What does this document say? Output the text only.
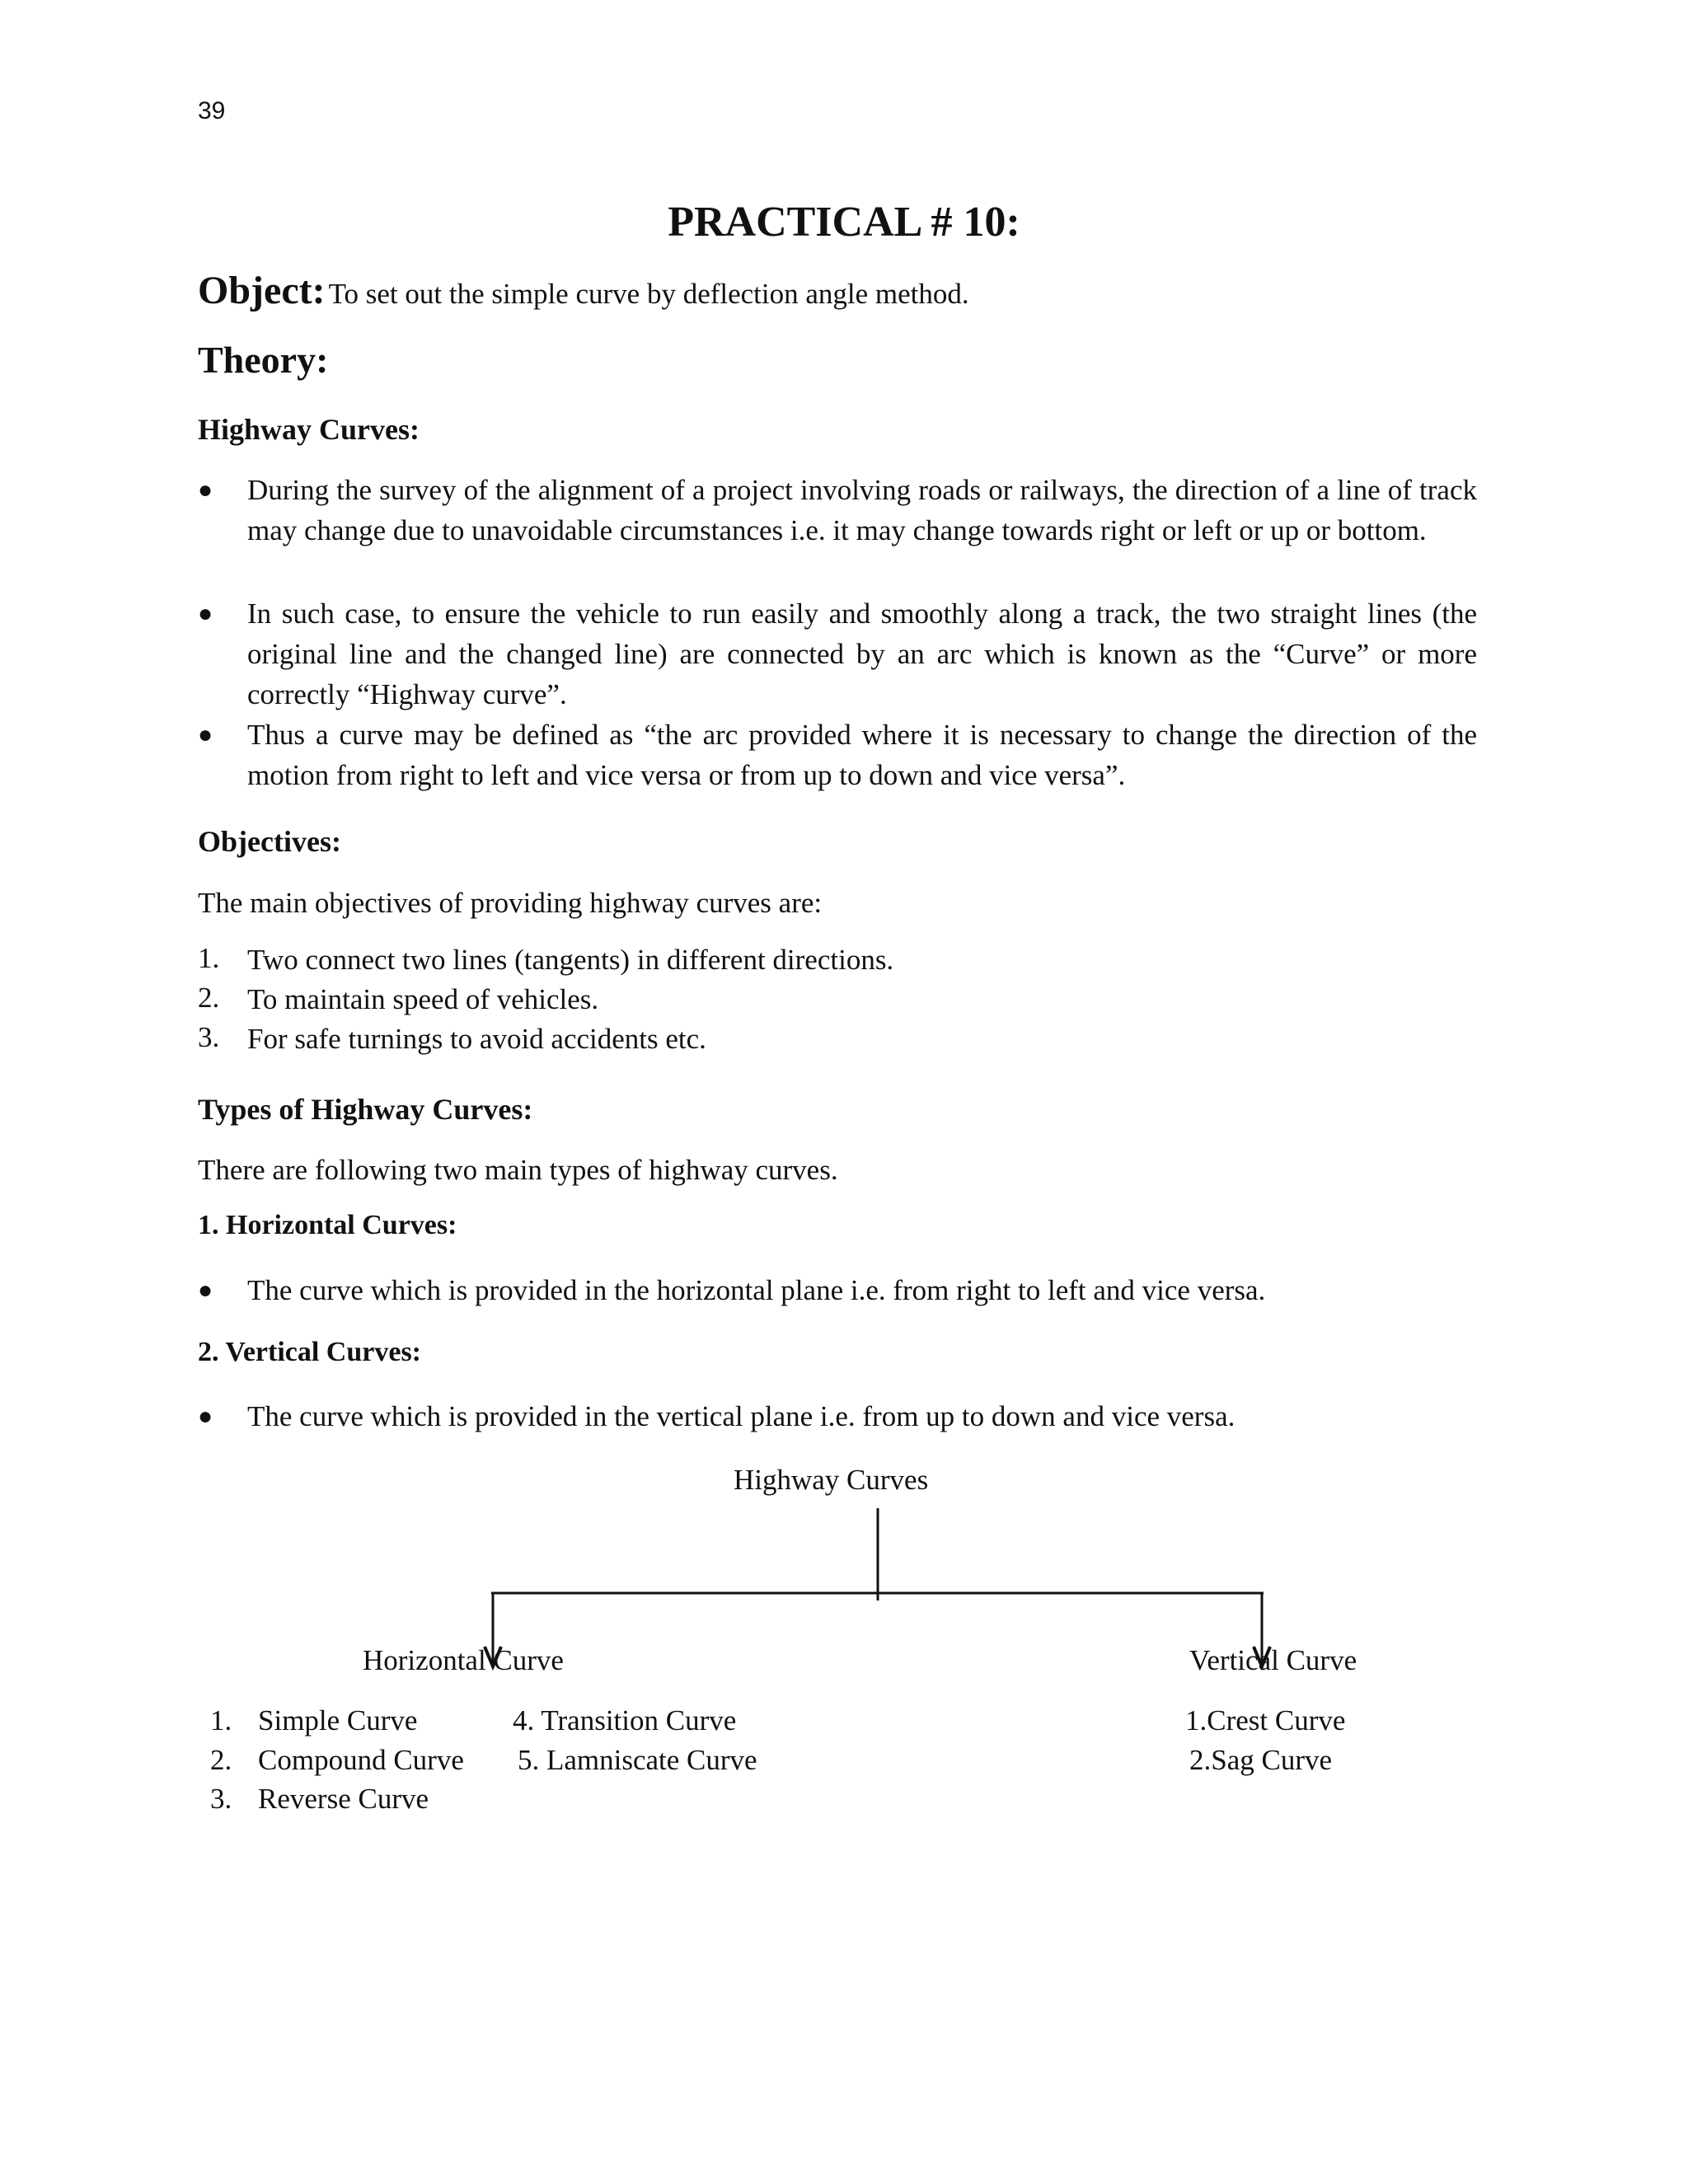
39
PRACTICAL # 10:
Object: To set out the simple curve by deflection angle method.
Theory:
Highway Curves:
● During the survey of the alignment of a project involving roads or railways, the direction of a line of track may change due to unavoidable circumstances i.e. it may change towards right or left or up or bottom.
● In such case, to ensure the vehicle to run easily and smoothly along a track, the two straight lines (the original line and the changed line) are connected by an arc which is known as the “Curve” or more correctly “Highway curve”.
● Thus a curve may be defined as “the arc provided where it is necessary to change the direction of the motion from right to left and vice versa or from up to down and vice versa”.
Objectives:
The main objectives of providing highway curves are:
1. Two connect two lines (tangents) in different directions.
2. To maintain speed of vehicles.
3. For safe turnings to avoid accidents etc.
Types of Highway Curves:
There are following two main types of highway curves.
1. Horizontal Curves:
● The curve which is provided in the horizontal plane i.e. from right to left and vice versa.
2. Vertical Curves:
● The curve which is provided in the vertical plane i.e. from up to down and vice versa.
Highway Curves
Horizontal Curve	Vertical Curve
1. Simple Curve
2. Compound Curve
3. Reverse Curve
4. Transition Curve
5. Lamniscate Curve
1.Crest Curve
2.Sag Curve
